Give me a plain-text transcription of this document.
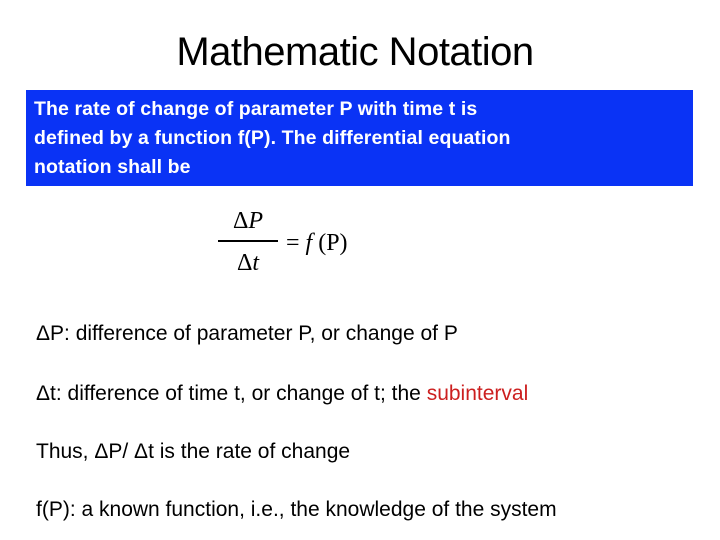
Mathematic Notation
The rate of change of parameter P with time t is
defined by a function f(P). The differential equation
notation shall be
ΔP
Δt
= f (P)
ΔP: difference of parameter P, or change of P
Δt: difference of time t, or change of t; the subinterval
Thus, ΔP/ Δt is the rate of change
f(P): a known function, i.e., the knowledge of the system
